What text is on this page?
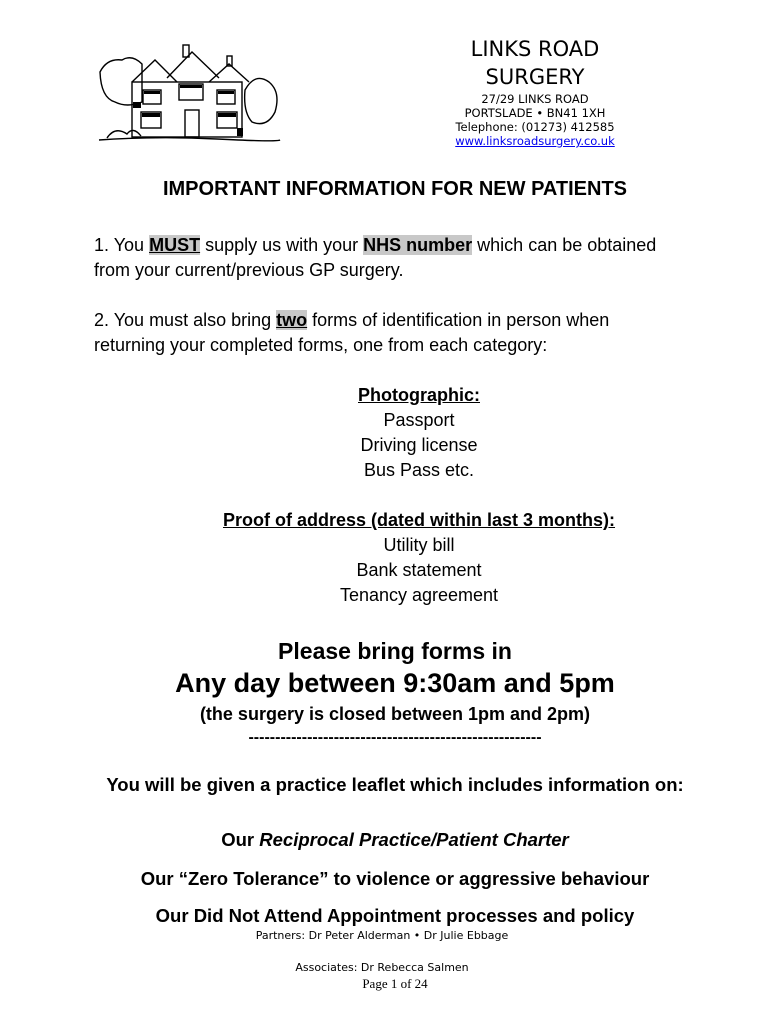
LINKS ROAD
SURGERY
27/29 LINKS ROAD
PORTSLADE • BN41 1XH
Telephone: (01273) 412585
www.linksroadsurgery.co.uk
IMPORTANT INFORMATION FOR NEW PATIENTS
1. You MUST supply us with your NHS number which can be obtained
from your current/previous GP surgery.
2. You must also bring two forms of identification in person when
returning your completed forms, one from each category:
Photographic:
Passport
Driving license
Bus Pass etc.
Proof of address (dated within last 3 months):
Utility bill
Bank statement
Tenancy agreement
Please bring forms in
Any day between 9:30am and 5pm
(the surgery is closed between 1pm and 2pm)
-------------------------------------------------------
You will be given a practice leaflet which includes information on:
Our Reciprocal Practice/Patient Charter
Our “Zero Tolerance” to violence or aggressive behaviour
Our Did Not Attend Appointment processes and policy
Partners: Dr Peter Alderman • Dr Julie Ebbage
Associates: Dr Rebecca Salmen
Page 1 of 24
